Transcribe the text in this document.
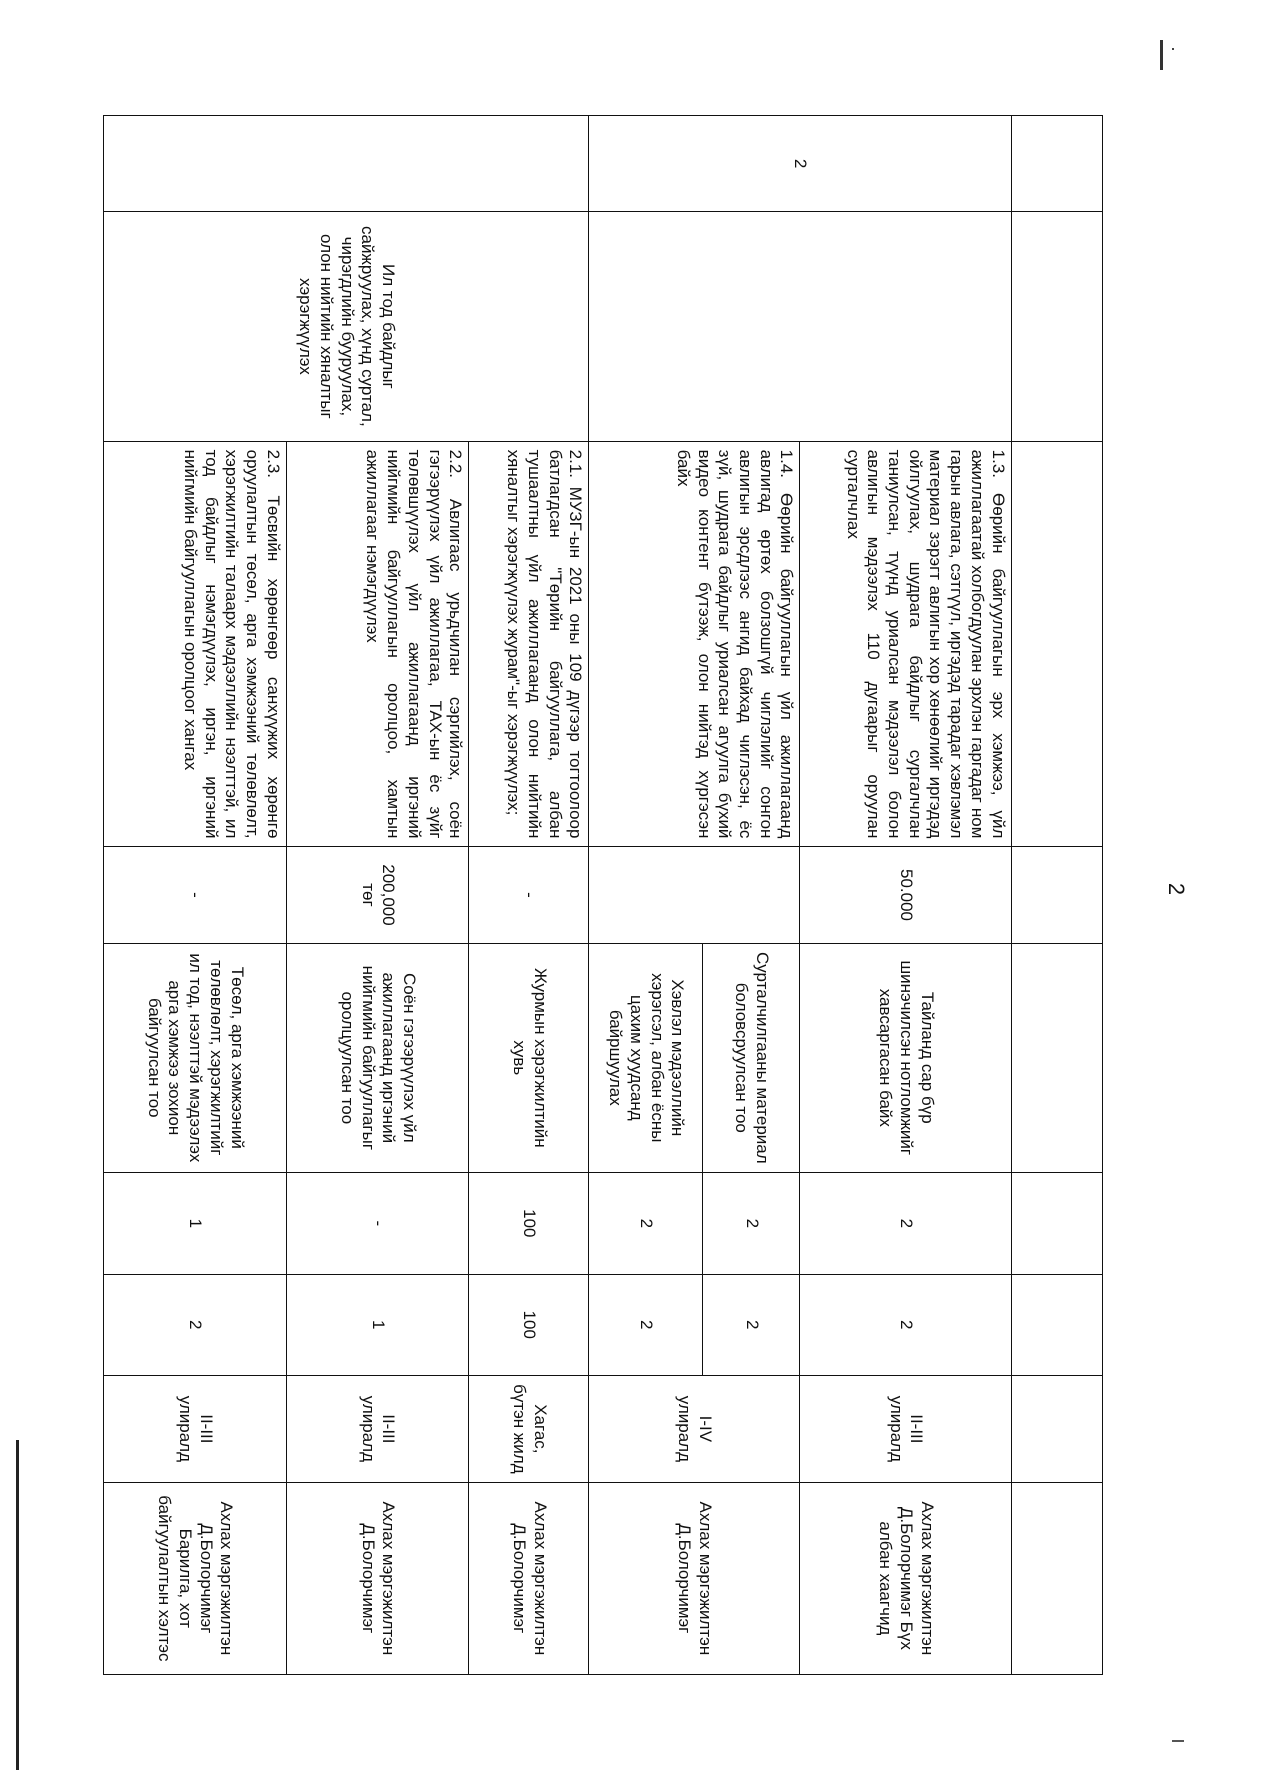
2

2		1.3. Өөрийн байгууллагын эрх хэмжээ, үйл ажиллагаатай холбогдуулан эрхлэн гаргадаг ном гарын авлага, сэтгүүл, иргэдэд тарадаг хэвлэмэл материал зэрэгт авлигын хор хөнөөлийг иргэдэд ойлгуулах, шудрага байдлыг сургалчлан таниулсан, түүнд уриалсан мэдээлэл болон авлигын мэдээлэх 110 дугаарыг оруулан сурталчлах	50.000	Тайланд сар бүр шинэчилсэн нотломжийг хавсаргасан байх	2	2	II-III улиралд	Ахлах мэргэжилтэн Д.Болорчимэг Бүх албан хаагчид
		1.4. Өөрийн байгууллагын үйл ажиллагаанд авлигад өртөх болзошгүй чиглэлийг сонгон авлигын эрсдлээс ангид байхад чиглэсэн, ёс зүй, шудрага байдлыг уриалсан агуулга бүхий видео контент бүтээж, олон нийтэд хүргэсэн байх		Сурталчилгааны материал боловсруулсан тоо	2	2	I-IV улиралд	Ахлах мэргэжилтэн Д.Болорчимэг
				Хэвлэл мэдээллийн хэрэгсэл, албан ёсны цахим хуудсанд байршуулах	2	2		
	Ил тод байдлыг сайжруулах, хүнд суртал, чирэгдлийн бууруулах, олон нийтийн хяналтыг хэрэгжүүлэх	2.1. МУЗГ-ын 2021 оны 109 дүгээр тогтоолоор батлагдсан "Төрийн байгууллага, албан тушаалтны үйл ажиллагаанд олон нийтийн хяналтыг хэрэгжүүлэх журам"-ыг хэрэгжүүлэх;	-	Журмын хэрэгжилтийн хувь	100	100	Хагас, бүтэн жилд	Ахлах мэргэжилтэн Д.Болорчимэг
		2.2. Авлигаас урьдчилан сэргийлэх, соён гэгээрүүлэх үйл ажиллагаа, ТАХ-ын ёс зүйг төлөвшүүлэх үйл ажиллагаанд иргэний нийгмийн байгууллагын оролцоо, хамтын ажиллагааг нэмэгдүүлэх	200,000 төг	Соён гэгээрүүлэх үйл ажиллагаанд иргэний нийгмийн байгууллагыг оролцуулсан тоо	-	1	II-III улиралд	Ахлах мэргэжилтэн Д.Болорчимэг
		2.3. Төсвийн хөрөнгөөр санхүүжих хөрөнгө оруулалтын төсөл, арга хэмжээний төлөвлөлт, хэрэгжилтийн талаарх мэдээллийн нээлттэй, ил тод байдлыг нэмэгдүүлэх, иргэн, иргэний нийгмийн байгууллагын оролцоог хангах	-	Төсөл, арга хэмжээний төлөвлөлт, хэрэгжилтийг ил тод, нээлттэй мэдээлэх арга хэмжээ зохион байгуулсан тоо	1	2	II-III улиралд	Ахлах мэргэжилтэн Д.Болорчимэг Барилга, хот байгуулалтын хэлтэс
